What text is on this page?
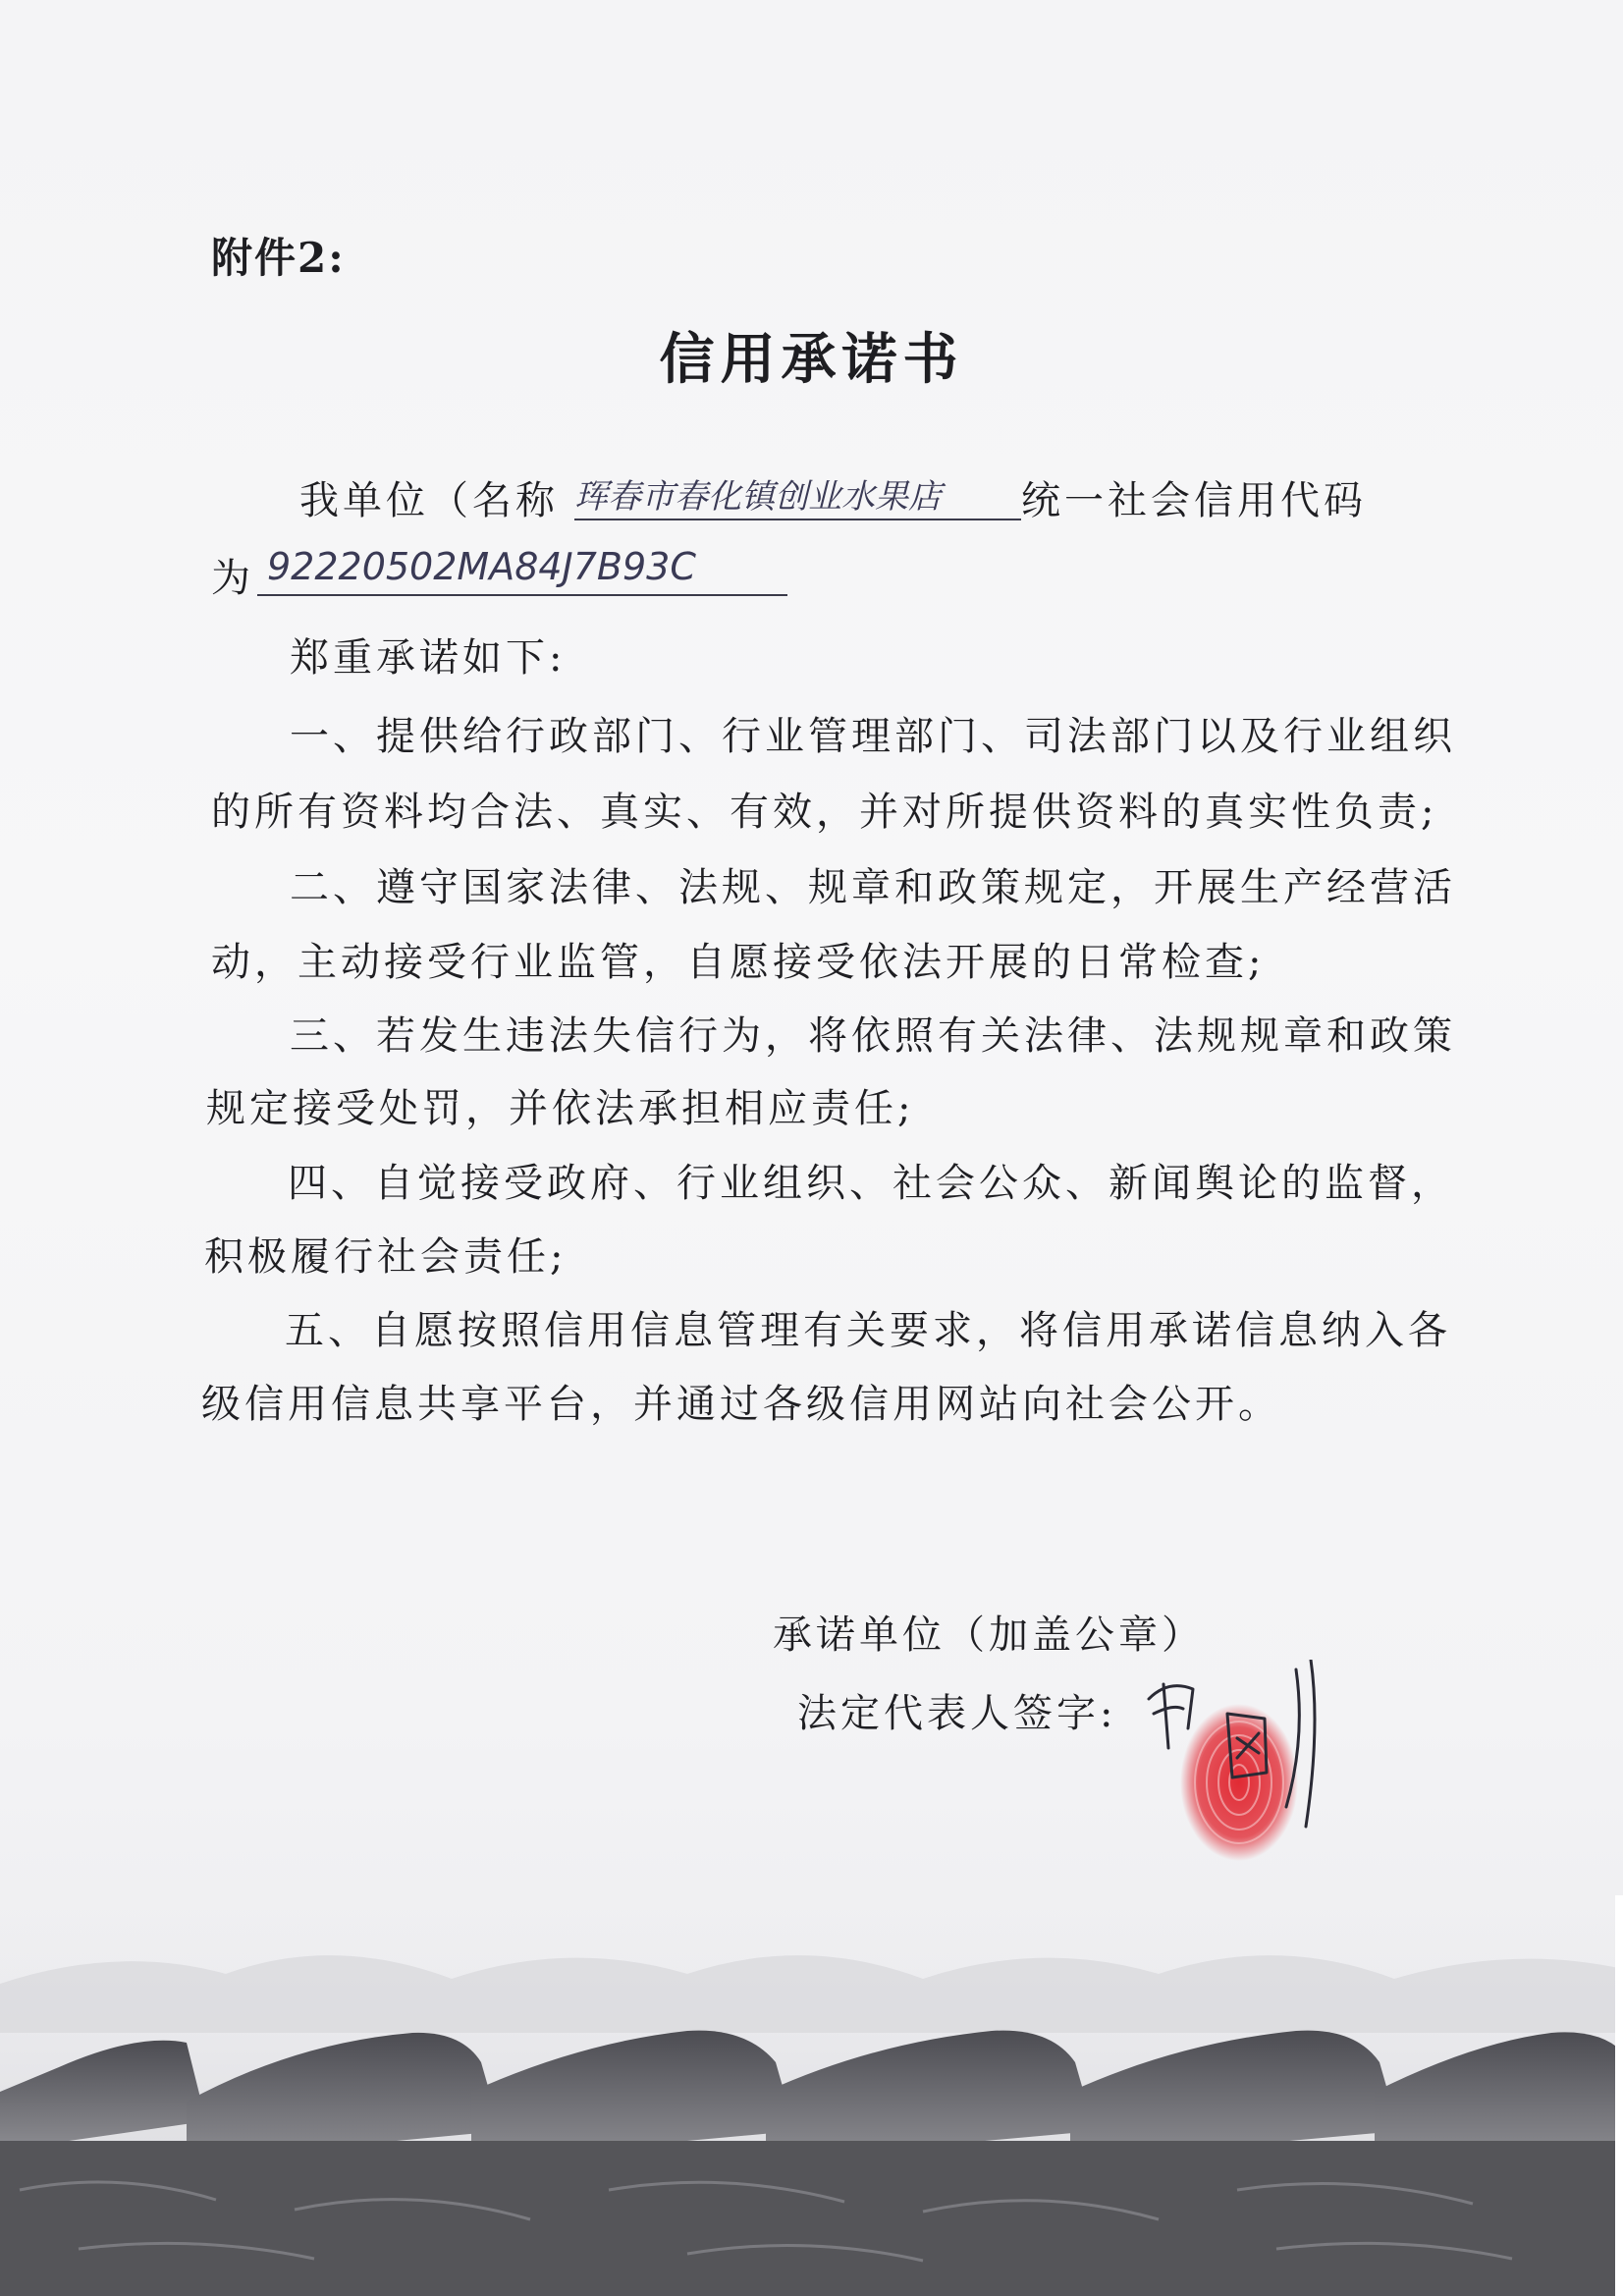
附件2:
信用承诺书
我单位（名称 珲春市春化镇创业水果店 统一社会信用代码
为 92220502MA84J7B93C
郑重承诺如下:
一、提供给行政部门、行业管理部门、司法部门以及行业组织
的所有资料均合法、真实、有效，并对所提供资料的真实性负责;
二、遵守国家法律、法规、规章和政策规定，开展生产经营活
动，主动接受行业监管，自愿接受依法开展的日常检查;
三、若发生违法失信行为，将依照有关法律、法规规章和政策
规定接受处罚，并依法承担相应责任;
四、自觉接受政府、行业组织、社会公众、新闻舆论的监督，
积极履行社会责任;
五、自愿按照信用信息管理有关要求，将信用承诺信息纳入各
级信用信息共享平台，并通过各级信用网站向社会公开。
承诺单位（加盖公章）
法定代表人签字:
